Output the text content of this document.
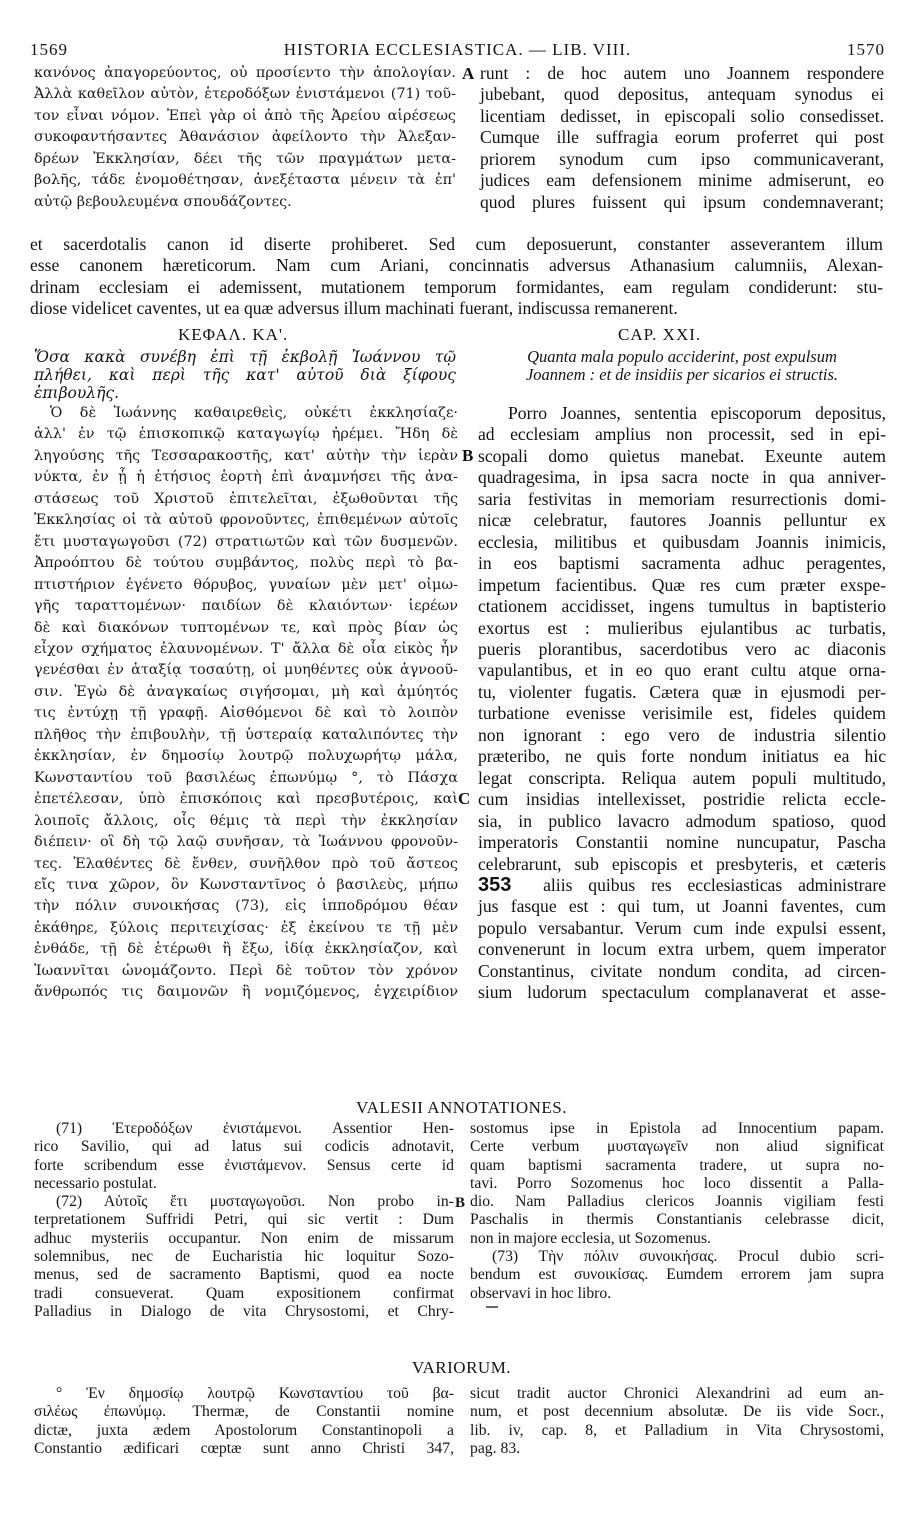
1569	HISTORIA ECCLESIASTICA. — LIB. VIII.	1570
κανόνος ἀπαγορεύοντος, οὐ προσίεντο τὴν ἀπολογίαν.
Ἀλλὰ καθεῖλον αὐτὸν, ἑτεροδόξων ἐνιστάμενοι (71) τοῦ-
τον εἶναι νόμον. Ἐπεὶ γὰρ οἱ ἀπὸ τῆς Ἀρείου αἱρέσεως
συκοφαντήσαντες Ἀθανάσιον ἀφείλοντο τὴν Ἀλεξαν-
δρέων Ἐκκλησίαν, δέει τῆς τῶν πραγμάτων μετα-
βολῆς, τάδε ἐνομοθέτησαν, ἀνεξέταστα μένειν τὰ ἐπ'
αὐτῷ βεβουλευμένα σπουδάζοντες.
A runt : de hoc autem uno Joannem respondere
jubebant, quod depositus, antequam synodus ei
licentiam dedisset, in episcopali solio consedisset.
Cumque ille suffragia eorum proferret qui post
priorem synodum cum ipso communicaverant,
judices eam defensionem minime admiserunt, eo
quod plures fuissent qui ipsum condemnaverant;
et sacerdotalis canon id diserte prohiberet. Sed cum deposuerunt, constanter asseverantem illum
esse canonem hæreticorum. Nam cum Ariani, concinnatis adversus Athanasium calumniis, Alexan-
drinam ecclesiam ei ademissent, mutationem temporum formidantes, eam regulam condiderunt: stu-
diose videlicet caventes, ut ea quæ adversus illum machinati fuerant, indiscussa remanerent.
ΚΕΦΑΛ. ΚΑ'.	CAP. XXI.
Ὅσα κακὰ συνέβη ἐπὶ τῇ ἐκβολῇ Ἰωάννου τῷ
πλήθει, καὶ περὶ τῆς κατ' αὐτοῦ διὰ ξίφους
ἐπιβουλῆς.
Quanta mala populo acciderint, post expulsum
Joannem : et de insidiis per sicarios ei structis.
Ὁ δὲ Ἰωάννης καθαιρεθεὶς, οὐκέτι ἐκκλησίαζε·
ἀλλ' ἐν τῷ ἐπισκοπικῷ καταγωγίῳ ἠρέμει. Ἤδη δὲ
ληγούσης τῆς Τεσσαρακοστῆς, κατ' αὐτὴν τὴν ἱερὰν
νύκτα, ἐν ᾗ ἡ ἐτήσιος ἑορτὴ ἐπὶ ἀναμνήσει τῆς ἀνα-
στάσεως τοῦ Χριστοῦ ἐπιτελεῖται, ἐξωθοῦνται τῆς
Ἐκκλησίας οἱ τὰ αὐτοῦ φρονοῦντες, ἐπιθεμένων αὐτοῖς
ἔτι μυσταγωγοῦσι (72) στρατιωτῶν καὶ τῶν δυσμενῶν.
Ἀπροόπτου δὲ τούτου συμβάντος, πολὺς περὶ τὸ βα-
πτιστήριον ἐγένετο θόρυβος, γυναίων μὲν μετ' οἰμω-
γῆς ταραττομένων· παιδίων δὲ κλαιόντων· ἱερέων
δὲ καὶ διακόνων τυπτομένων τε, καὶ πρὸς βίαν ὡς
εἶχον σχήματος ἐλαυνομένων. Τ' ἄλλα δὲ οἷα εἰκὸς ἦν
γενέσθαι ἐν ἀταξίᾳ τοσαύτῃ, οἱ μυηθέντες οὐκ ἀγνοοῦ-
σιν. Ἐγὼ δὲ ἀναγκαίως σιγήσομαι, μὴ καὶ ἀμύητός
τις ἐντύχῃ τῇ γραφῇ. Αἰσθόμενοι δὲ καὶ τὸ λοιπὸν
πλῆθος τὴν ἐπιβουλὴν, τῇ ὑστεραίᾳ καταλιπόντες τὴν
ἐκκλησίαν, ἐν δημοσίῳ λουτρῷ πολυχωρήτῳ μάλα,
Κωνσταντίου τοῦ βασιλέως ἐπωνύμῳ °, τὸ Πάσχα
ἐπετέλεσαν, ὑπὸ ἐπισκόποις καὶ πρεσβυτέροις, καὶ
λοιποῖς ἄλλοις, οἷς θέμις τὰ περὶ τὴν ἐκκλησίαν
διέπειν· οἳ δὴ τῷ λαῷ συνῆσαν, τὰ Ἰωάννου φρονοῦν-
τες. Ἐλαθέντες δὲ ἔνθεν, συνῆλθον πρὸ τοῦ ἄστεος
εἴς τινα χῶρον, ὃν Κωνσταντῖνος ὁ βασιλεὺς, μήπω
τὴν πόλιν συνοικήσας (73), εἰς ἱπποδρόμου θέαν
ἐκάθηρε, ξύλοις περιτειχίσας· ἐξ ἐκείνου τε τῇ μὲν
ἐνθάδε, τῇ δὲ ἑτέρωθι ἢ ἔξω, ἰδίᾳ ἐκκλησίαζον, καὶ
Ἰωαννῖται ὠνομάζοντο. Περὶ δὲ τοῦτον τὸν χρόνον
ἄνθρωπός τις δαιμονῶν ἢ νομιζόμενος, ἐγχειρίδιον
B
C
Porro Joannes, sententia episcoporum depositus,
ad ecclesiam amplius non processit, sed in epi-
scopali domo quietus manebat. Exeunte autem
quadragesima, in ipsa sacra nocte in qua anniver-
saria festivitas in memoriam resurrectionis domi-
nicæ celebratur, fautores Joannis pelluntur ex
ecclesia, militibus et quibusdam Joannis inimicis,
in eos baptismi sacramenta adhuc peragentes,
impetum facientibus. Quæ res cum præter exspe-
ctationem accidisset, ingens tumultus in baptisterio
exortus est : mulieribus ejulantibus ac turbatis,
pueris plorantibus, sacerdotibus vero ac diaconis
vapulantibus, et in eo quo erant cultu atque orna-
tu, violenter fugatis. Cætera quæ in ejusmodi per-
turbatione evenisse verisimile est, fideles quidem
non ignorant : ego vero de industria silentio
præteribo, ne quis forte nondum initiatus ea hic
legat conscripta. Reliqua autem populi multitudo,
cum insidias intellexisset, postridie relicta eccle-
sia, in publico lavacro admodum spatioso, quod
imperatoris Constantii nomine nuncupatur, Pascha
celebrarunt, sub episcopis et presbyteris, et cæteris
353 aliis quibus res ecclesiasticas administrare
jus fasque est : qui tum, ut Joanni faventes, cum
populo versabantur. Verum cum inde expulsi essent,
convenerunt in locum extra urbem, quem imperator
Constantinus, civitate nondum condita, ad circen-
sium ludorum spectaculum complanaverat et asse-
VALESII ANNOTATIONES.
(71) Ἑτεροδόξων ἐνιστάμενοι. Assentior Hen-
rico Savilio, qui ad latus sui codicis adnotavit,
forte scribendum esse ἐνιστάμενον. Sensus certe id
necessario postulat.
(72) Αὐτοῖς ἔτι μυσταγωγοῦσι. Non probo in-
terpretationem Suffridi Petri, qui sic vertit : Dum
adhuc mysteriis occupantur. Non enim de missarum
solemnibus, nec de Eucharistia hic loquitur Sozo-
menus, sed de sacramento Baptismi, quod ea nocte
tradi consueverat. Quam expositionem confirmat
Palladius in Dialogo de vita Chrysostomi, et Chry-
B
sostomus ipse in Epistola ad Innocentium papam.
Certe verbum μυσταγωγεῖν non aliud significat
quam baptismi sacramenta tradere, ut supra no-
tavi. Porro Sozomenus hoc loco dissentit a Palla-
dio. Nam Palladius clericos Joannis vigiliam festi
Paschalis in thermis Constantianis celebrasse dicit,
non in majore ecclesia, ut Sozomenus.
(73) Τὴν πόλιν συνοικήσας. Procul dubio scri-
bendum est συνοικίσας. Eumdem errorem jam supra
observavi in hoc libro.
VARIORUM.
° Ἐν δημοσίῳ λουτρῷ Κωνσταντίου τοῦ βα-
σιλέως ἐπωνύμῳ. Thermæ, de Constantii nomine
dictæ, juxta ædem Apostolorum Constantinopoli a
Constantio ædificari cœptæ sunt anno Christi 347,
sicut tradit auctor Chronici Alexandrini ad eum an-
num, et post decennium absolutæ. De iis vide Socr.,
lib. iv, cap. 8, et Palladium in Vita Chrysostomi,
pag. 83.
